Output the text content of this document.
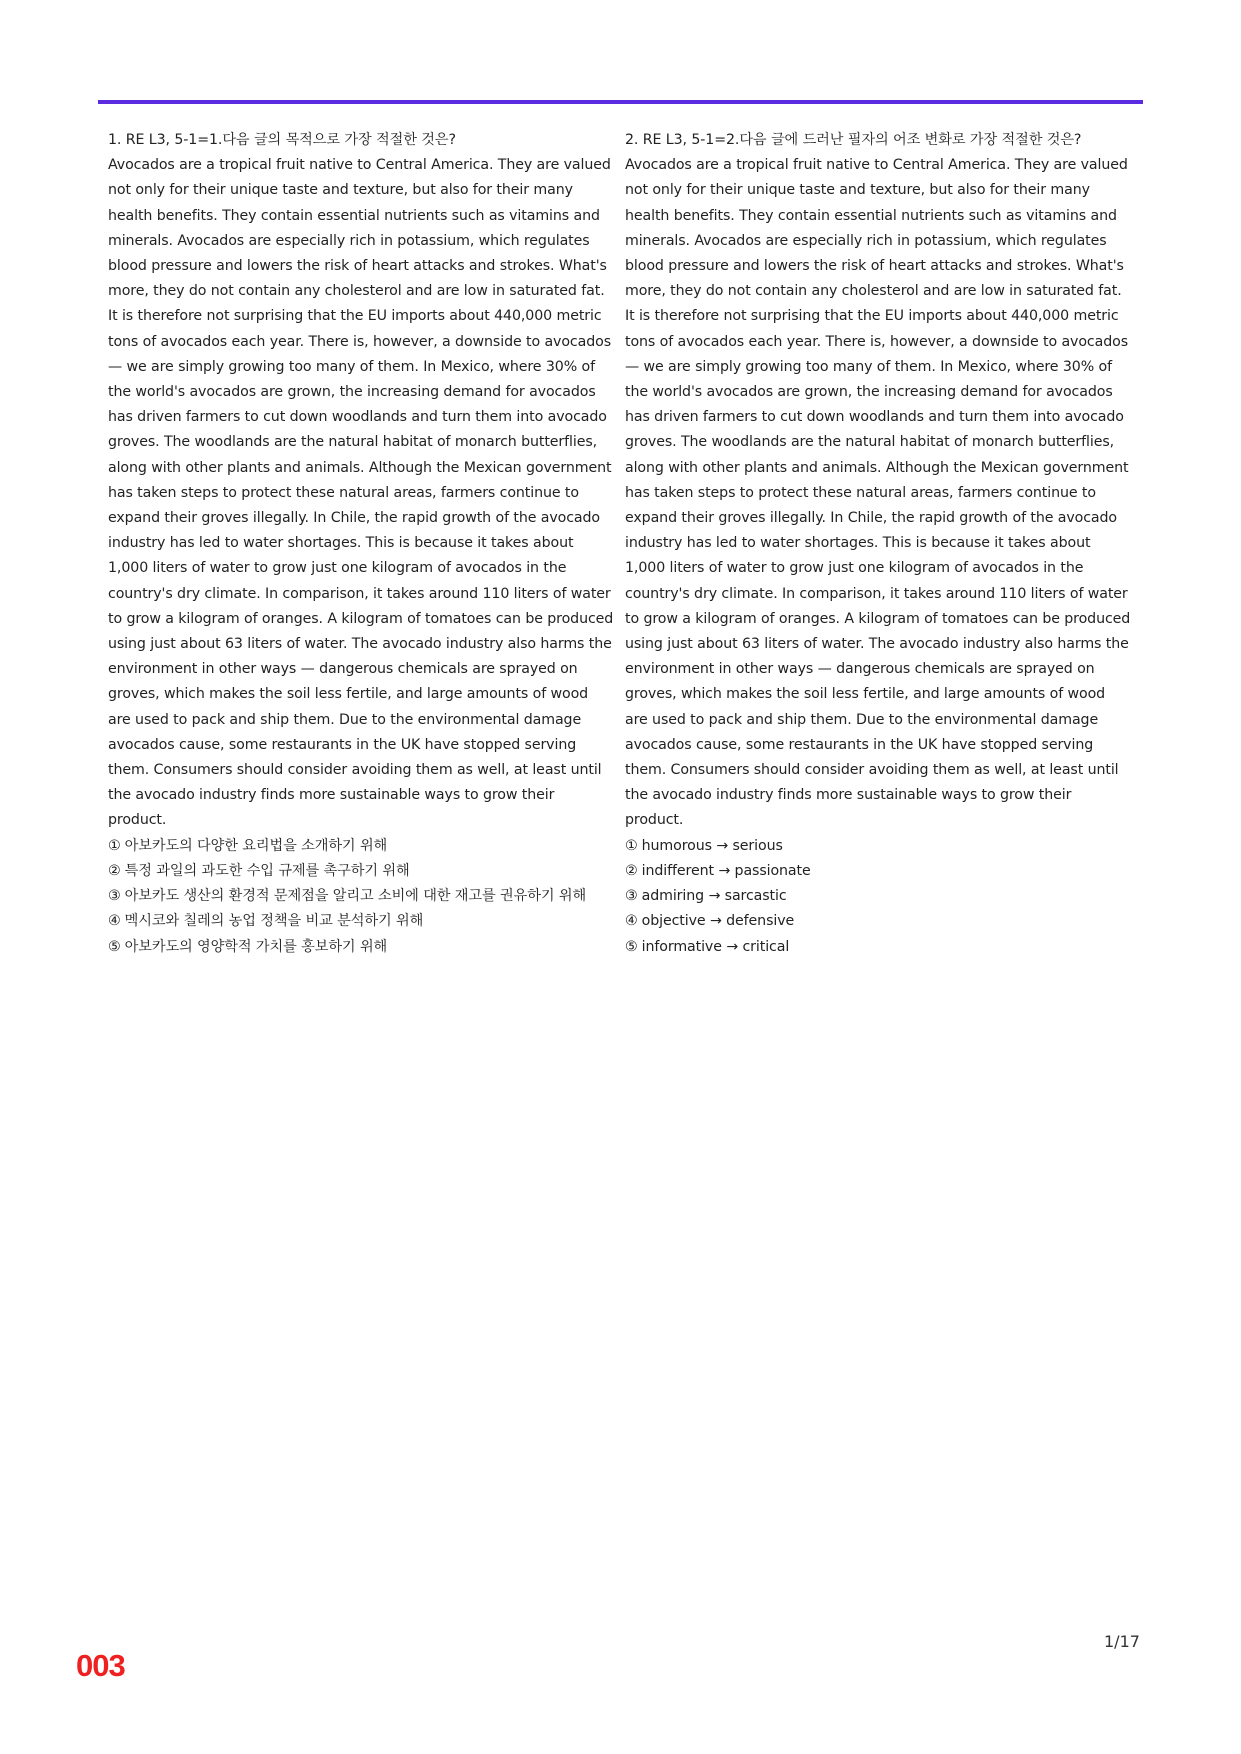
1. RE L3, 5-1=1.다음 글의 목적으로 가장 적절한 것은?

Avocados are a tropical fruit native to Central America. They are valued not only for their unique taste and texture, but also for their many health benefits. They contain essential nutrients such as vitamins and minerals. Avocados are especially rich in potassium, which regulates blood pressure and lowers the risk of heart attacks and strokes. What's more, they do not contain any cholesterol and are low in saturated fat. It is therefore not surprising that the EU imports about 440,000 metric tons of avocados each year. There is, however, a downside to avocados — we are simply growing too many of them. In Mexico, where 30% of the world's avocados are grown, the increasing demand for avocados has driven farmers to cut down woodlands and turn them into avocado groves. The woodlands are the natural habitat of monarch butterflies, along with other plants and animals. Although the Mexican government has taken steps to protect these natural areas, farmers continue to expand their groves illegally. In Chile, the rapid growth of the avocado industry has led to water shortages. This is because it takes about 1,000 liters of water to grow just one kilogram of avocados in the country's dry climate. In comparison, it takes around 110 liters of water to grow a kilogram of oranges. A kilogram of tomatoes can be produced using just about 63 liters of water. The avocado industry also harms the environment in other ways — dangerous chemicals are sprayed on groves, which makes the soil less fertile, and large amounts of wood are used to pack and ship them. Due to the environmental damage avocados cause, some restaurants in the UK have stopped serving them. Consumers should consider avoiding them as well, at least until the avocado industry finds more sustainable ways to grow their product.

① 아보카도의 다양한 요리법을 소개하기 위해
② 특정 과일의 과도한 수입 규제를 촉구하기 위해
③ 아보카도 생산의 환경적 문제점을 알리고 소비에 대한 재고를 권유하기 위해
④ 멕시코와 칠레의 농업 정책을 비교 분석하기 위해
⑤ 아보카도의 영양학적 가치를 홍보하기 위해
2. RE L3, 5-1=2.다음 글에 드러난 필자의 어조 변화로 가장 적절한 것은?

Avocados are a tropical fruit native to Central America. They are valued not only for their unique taste and texture, but also for their many health benefits. They contain essential nutrients such as vitamins and minerals. Avocados are especially rich in potassium, which regulates blood pressure and lowers the risk of heart attacks and strokes. What's more, they do not contain any cholesterol and are low in saturated fat. It is therefore not surprising that the EU imports about 440,000 metric tons of avocados each year. There is, however, a downside to avocados — we are simply growing too many of them. In Mexico, where 30% of the world's avocados are grown, the increasing demand for avocados has driven farmers to cut down woodlands and turn them into avocado groves. The woodlands are the natural habitat of monarch butterflies, along with other plants and animals. Although the Mexican government has taken steps to protect these natural areas, farmers continue to expand their groves illegally. In Chile, the rapid growth of the avocado industry has led to water shortages. This is because it takes about 1,000 liters of water to grow just one kilogram of avocados in the country's dry climate. In comparison, it takes around 110 liters of water to grow a kilogram of oranges. A kilogram of tomatoes can be produced using just about 63 liters of water. The avocado industry also harms the environment in other ways — dangerous chemicals are sprayed on groves, which makes the soil less fertile, and large amounts of wood are used to pack and ship them. Due to the environmental damage avocados cause, some restaurants in the UK have stopped serving them. Consumers should consider avoiding them as well, at least until the avocado industry finds more sustainable ways to grow their product.

① humorous → serious
② indifferent → passionate
③ admiring → sarcastic
④ objective → defensive
⑤ informative → critical
1/17
003
